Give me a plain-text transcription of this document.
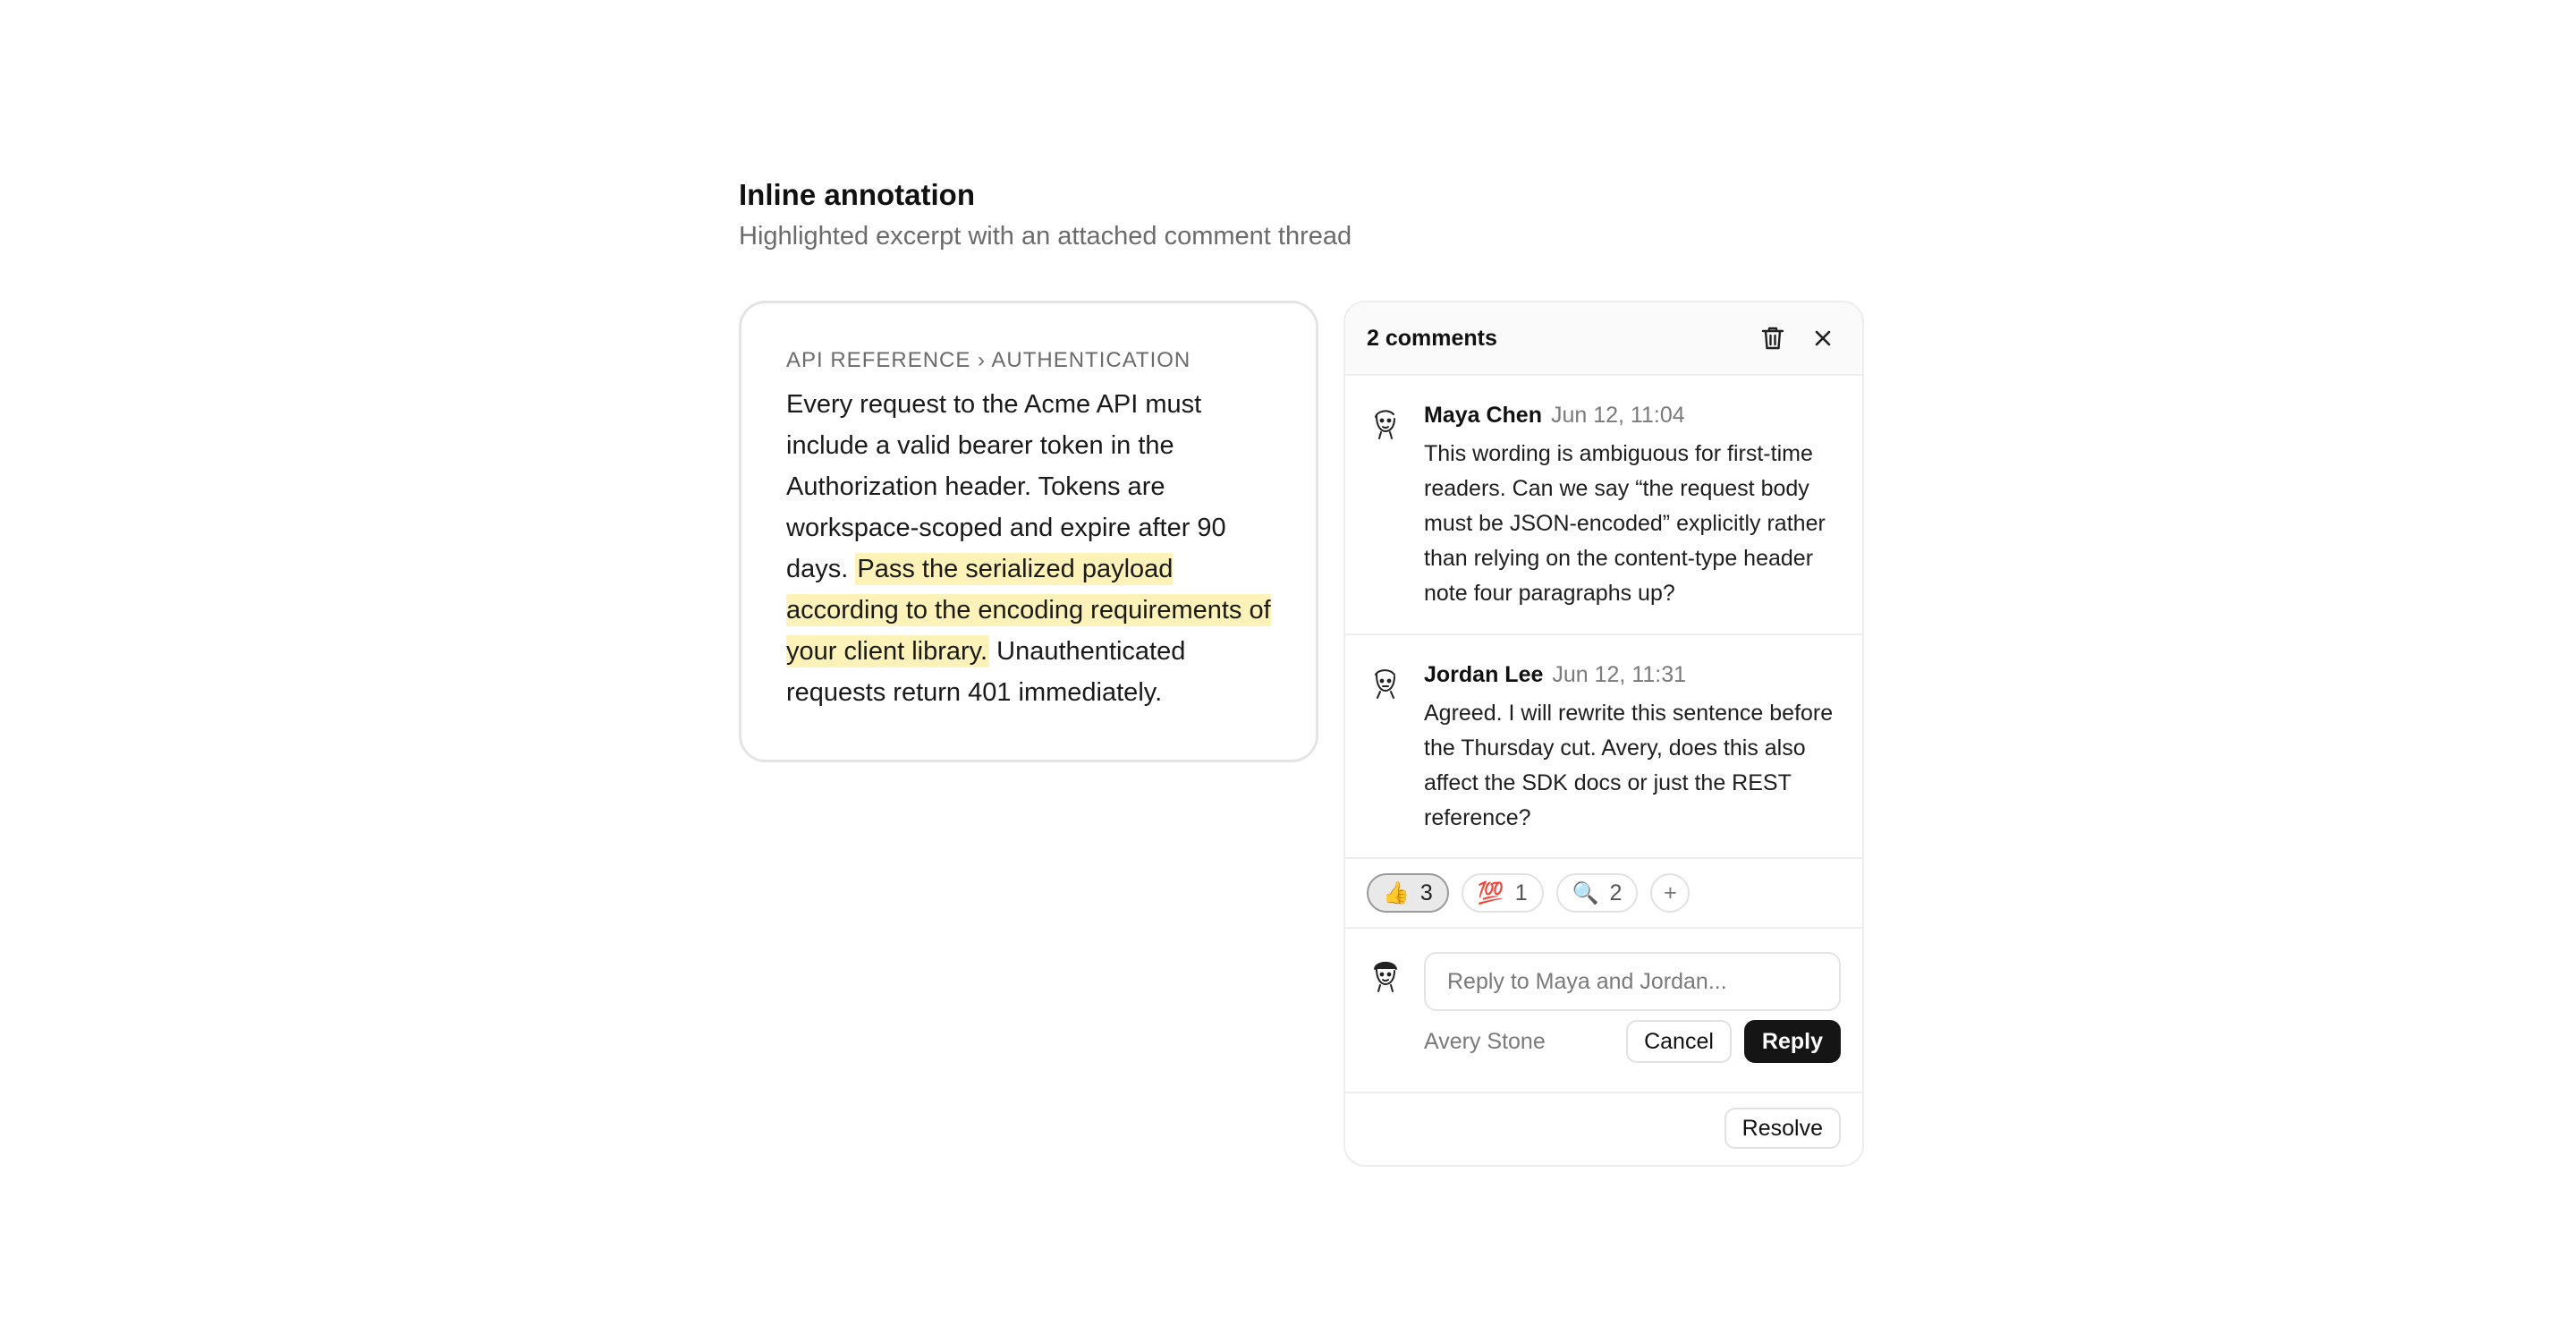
Inline annotation
Highlighted excerpt with an attached comment thread
API REFERENCE › AUTHENTICATION
Every request to the Acme API must include a valid bearer token in the Authorization header. Tokens are workspace-scoped and expire after 90 days. Pass the serialized payload according to the encoding requirements of your client library. Unauthenticated requests return 401 immediately.
2 comments
Maya Chen Jun 12, 11:04
This wording is ambiguous for first-time readers. Can we say “the request body must be JSON-encoded” explicitly rather than relying on the content-type header note four paragraphs up?
Jordan Lee Jun 12, 11:31
Agreed. I will rewrite this sentence before the Thursday cut. Avery, does this also affect the SDK docs or just the REST reference?
👍 3 💯 1 🔍 2	+
Reply to Maya and Jordan...
Avery Stone	Cancel	Reply
Resolve
